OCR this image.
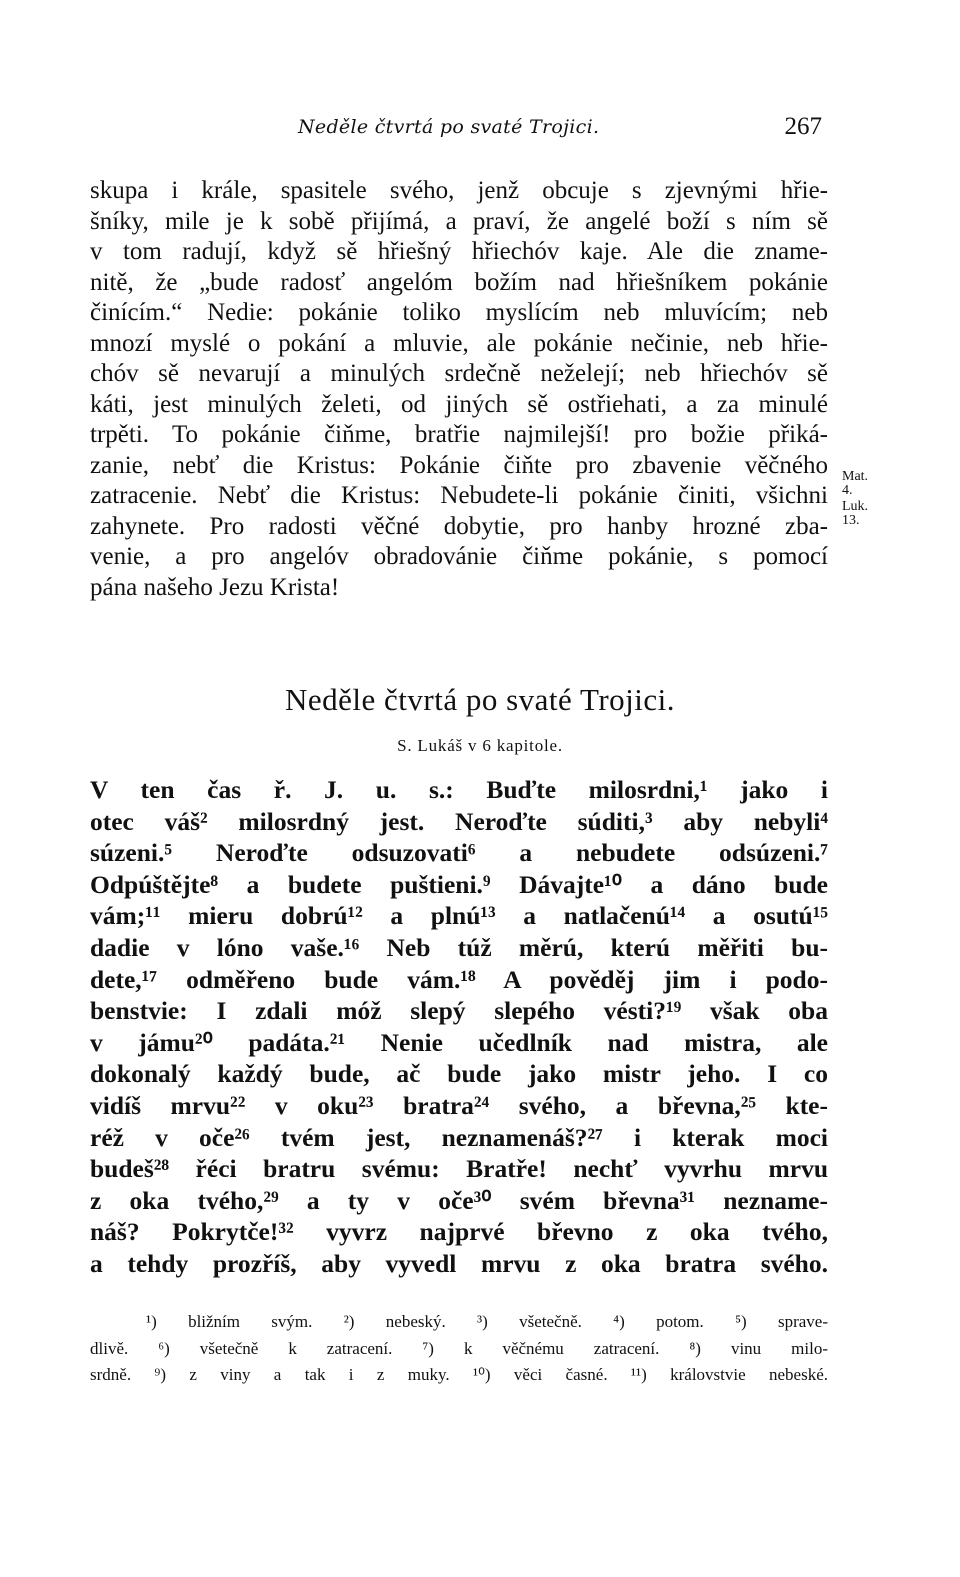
Neděle čtvrtá po svaté Trojici.	267
skupa i krále, spasitele svého, jenž obcuje s zjevnými hřie-
šníky, mile je k sobě přijímá, a praví, že angelé boží s ním sě
v tom radují, když sě hřiešný hřiechóv kaje. Ale die zname-
nitě, že „bude radosť angelóm božím nad hřiešníkem pokánie
činícím.“ Nedie: pokánie toliko myslícím neb mluvícím; neb
mnozí myslé o pokání a mluvie, ale pokánie nečinie, neb hřie-
chóv sě nevarují a minulých srdečně neželejí; neb hřiechóv sě
káti, jest minulých želeti, od jiných sě ostřiehati, a za minulé
trpěti. To pokánie čiňme, bratřie najmilejší! pro božie přiká-
zanie, nebť die Kristus: Pokánie čiňte pro zbavenie věčného
zatracenie. Nebť die Kristus: Nebudete-li pokánie činiti, všichni
zahynete. Pro radosti věčné dobytie, pro hanby hrozné zba-
venie, a pro angelóv obradovánie čiňme pokánie, s pomocí
pána našeho Jezu Krista!
Mat. 4.
Luk. 13.
Neděle čtvrtá po svaté Trojici.
S. Lukáš v 6 kapitole.
V ten čas ř. J. u. s.: Buďte milosrdni,¹ jako i
otec váš² milosrdný jest. Neroďte súditi,³ aby nebyli⁴
súzeni.⁵ Neroďte odsuzovati⁶ a nebudete odsúzeni.⁷
Odpúštějte⁸ a budete puštieni.⁹ Dávajte¹⁰ a dáno bude
vám;¹¹ mieru dobrú¹² a plnú¹³ a natlačenú¹⁴ a osutú¹⁵
dadie v lóno vaše.¹⁶ Neb túž měrú, kterú měřiti bu-
dete,¹⁷ odměřeno bude vám.¹⁸ A pověděj jim i podo-
benstvie: I zdali móž slepý slepého vésti?¹⁹ však oba
v jámu²⁰ padáta.²¹ Nenie učedlník nad mistra, ale
dokonalý každý bude, ač bude jako mistr jeho. I co
vidíš mrvu²² v oku²³ bratra²⁴ svého, a břevna,²⁵ kte-
réž v oče²⁶ tvém jest, neznamenáš?²⁷ i kterak moci
budeš²⁸ řéci bratru svému: Bratře! nechť vyvrhu mrvu
z oka tvého,²⁹ a ty v oče³⁰ svém břevna³¹ neznamе-
náš? Pokrytče!³² vyvrz najprvé břevno z oka tvého,
a tehdy prozříš, aby vyvedl mrvu z oka bratra svého.
¹) bližním svým. ²) nebeský. ³) všetečně. ⁴) potom. ⁵) sprave-
dlivě. ⁶) všetečně k zatracení. ⁷) k věčnému zatracení. ⁸) vinu milo-
srdně. ⁹) z viny a tak i z muky. ¹⁰) věci časné. ¹¹) královstvie nebeské.
